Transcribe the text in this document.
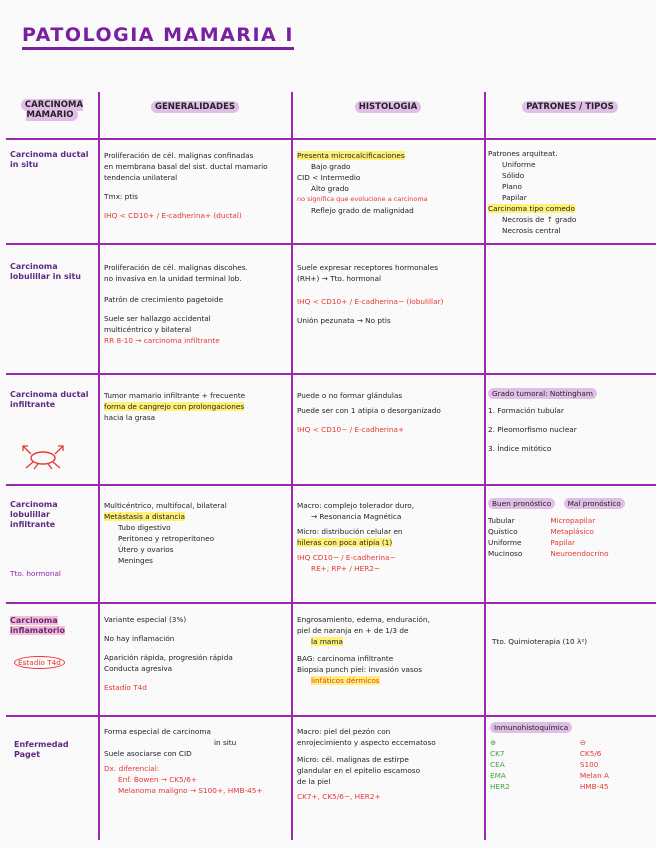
PATOLOGIA MAMARIA I
CARCINOMA MAMARIO
GENERALIDADES	HISTOLOGIA	PATRONES / TIPOS
Carcinoma ductal in situ
Proliferación de cél. malignas confinadas
en membrana basal del sist. ductal mamario
tendencia unilateral
Tmx: ptis
IHQ < CD10+ / E-cadherina+ (ductal)
Presenta microcalcificaciones
Bajo grado
CID < Intermedio
Alto grado
no significa que evolucione a carcinoma
Reflejo grado de malignidad
Patrones arquiteat.
Uniforme
Sólido
Plano
Papilar
Carcinoma tipo comedo
Necrosis de ↑ grado
Necrosis central
Carcinoma lobulillar in situ
Proliferación de cél. malignas discohes.
no invasiva en la unidad terminal lob.
Patrón de crecimiento pagetoide
Suele ser hallazgo accidental
multicéntrico y bilateral
RR 8-10 → carcinoma infiltrante
Suele expresar receptores hormonales
(RH+) → Tto. hormonal
IHQ < CD10+ / E-cadherina− (lobulillar)
Unión pezunata → No ptis
Carcinoma ductal infiltrante
Tumor mamario infiltrante + frecuente
forma de cangrejo con prolongaciones
hacia la grasa
Puede o no formar glándulas
Puede ser con 1 atipia o desorganizado
IHQ < CD10− / E-cadherina+
Grado tumoral: Nottingham
1. Formación tubular
2. Pleomorfismo nuclear
3. Índice mitótico
Carcinoma lobulillar infiltrante
Tto. hormonal
Multicéntrico, multifocal, bilateral
Metástasis a distancia
Tubo digestivo
Peritoneo y retroperitoneo
Útero y ovarios
Meninges
Macro: complejo tolerador duro,
→ Resonancia Magnética
Micro: distribución celular en
hileras con poca atipia (1)
IHQ CD10− / E-cadherina−
RE+, RP+ / HER2−
Buen pronóstico Mal pronóstico
Tubular
Quístico
Uniforme
Mucinoso
Micropapilar
Metaplásico
Papilar
Neuroendocrino
Carcinoma inflamatorio
Estadío T4d
Variante especial (3%)
No hay inflamación
Aparición rápida, progresión rápida
Conducta agresiva
Estadío T4d
Engrosamiento, edema, enduración,
piel de naranja en + de 1/3 de
la mama
BAG: carcinoma infiltrante
Biopsia punch piel: invasión vasos
linfáticos dérmicos
Tto. Quimioterapia (10 λ²)
Enfermedad Paget
Forma especial de carcinoma
in situ
Suele asociarse con CID
Dx. diferencial:
Enf. Bowen → CK5/6+
Melanoma maligno → S100+, HMB-45+
Macro: piel del pezón con
enrojecimiento y aspecto eccematoso
Micro: cél. malignas de estirpe
glandular en el epitelio escamoso
de la piel
CK7+, CK5/6−, HER2+
Inmunohistoquímica
⊕
CK7
CEA
EMA
HER2
⊖
CK5/6
S100
Melan A
HMB-45
